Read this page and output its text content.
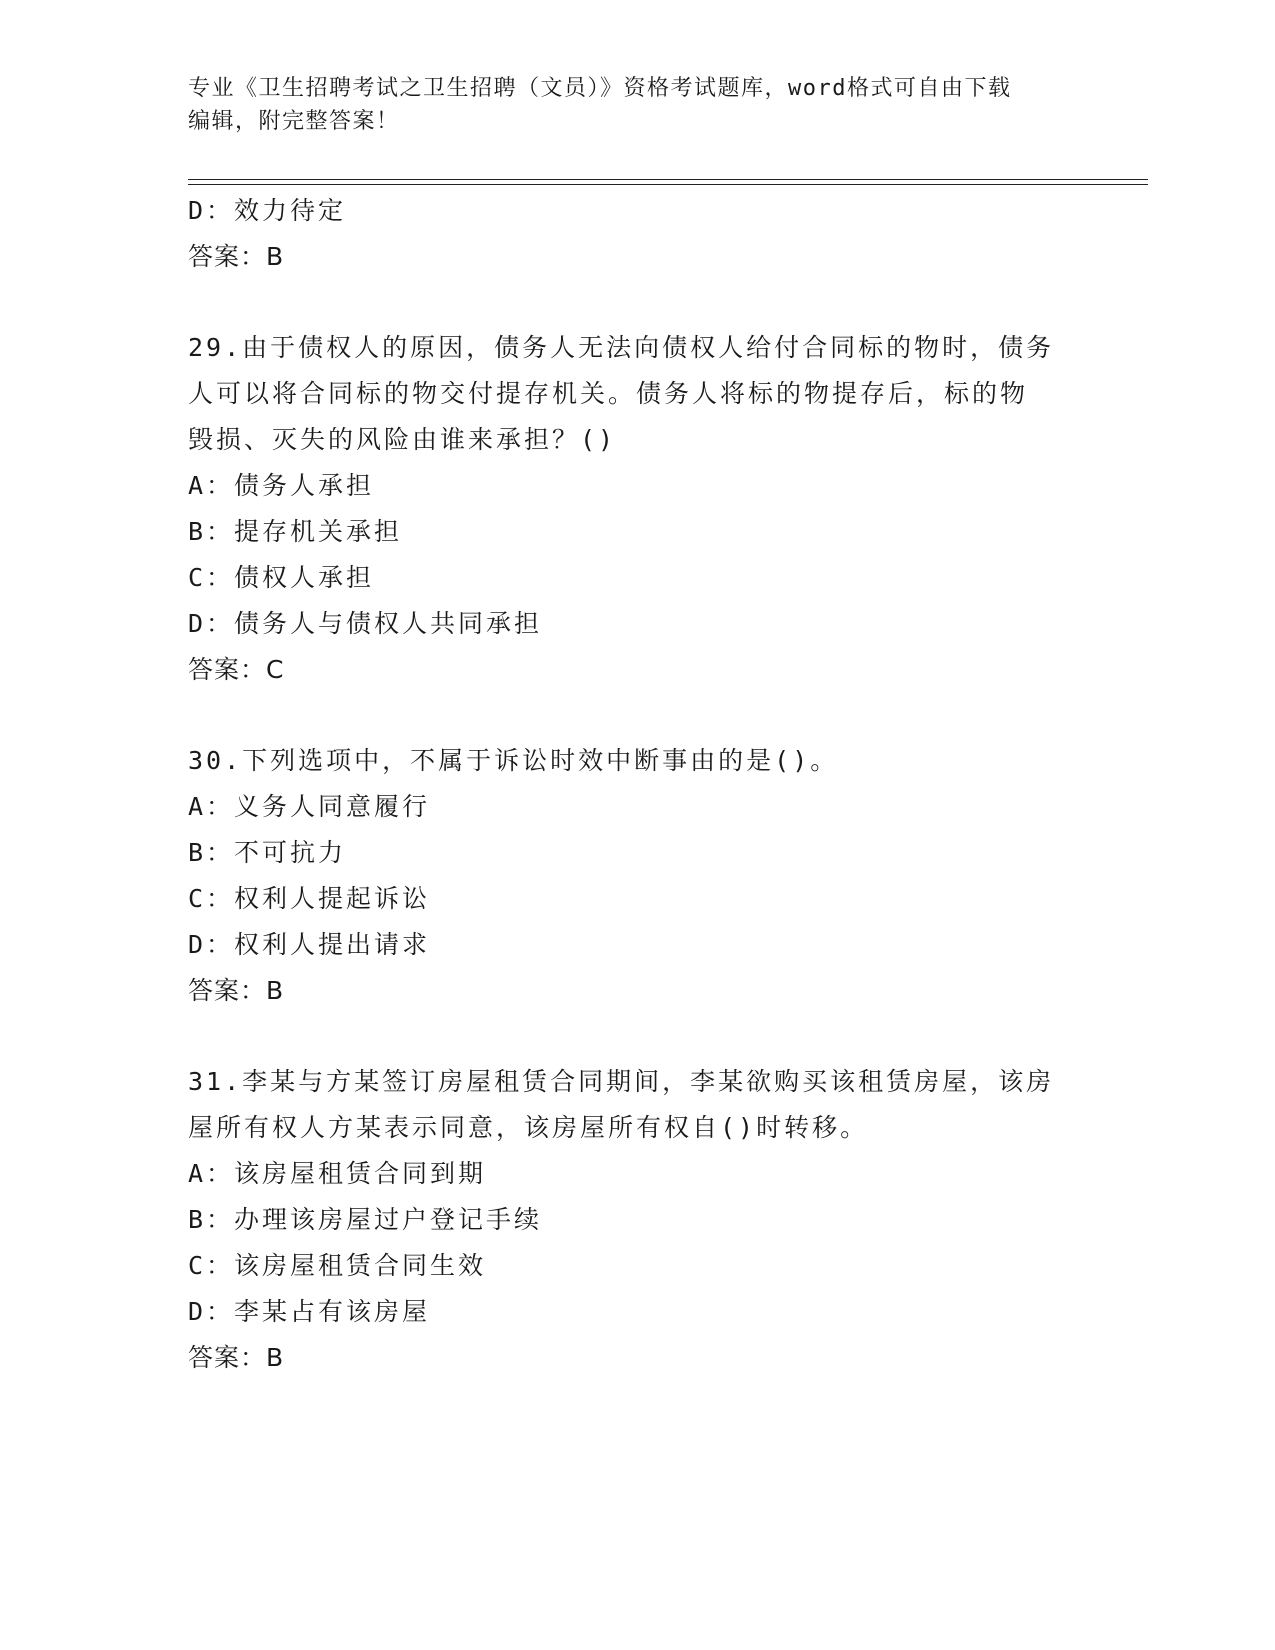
专业《卫生招聘考试之卫生招聘（文员）》资格考试题库，word格式可自由下载
编辑，附完整答案！
D：效力待定
答案：B
29.由于债权人的原因，债务人无法向债权人给付合同标的物时，债务
人可以将合同标的物交付提存机关。债务人将标的物提存后，标的物
毁损、灭失的风险由谁来承担？()
A：债务人承担
B：提存机关承担
C：债权人承担
D：债务人与债权人共同承担
答案：C
30.下列选项中，不属于诉讼时效中断事由的是()。
A：义务人同意履行
B：不可抗力
C：权利人提起诉讼
D：权利人提出请求
答案：B
31.李某与方某签订房屋租赁合同期间，李某欲购买该租赁房屋，该房
屋所有权人方某表示同意，该房屋所有权自()时转移。
A：该房屋租赁合同到期
B：办理该房屋过户登记手续
C：该房屋租赁合同生效
D：李某占有该房屋
答案：B
